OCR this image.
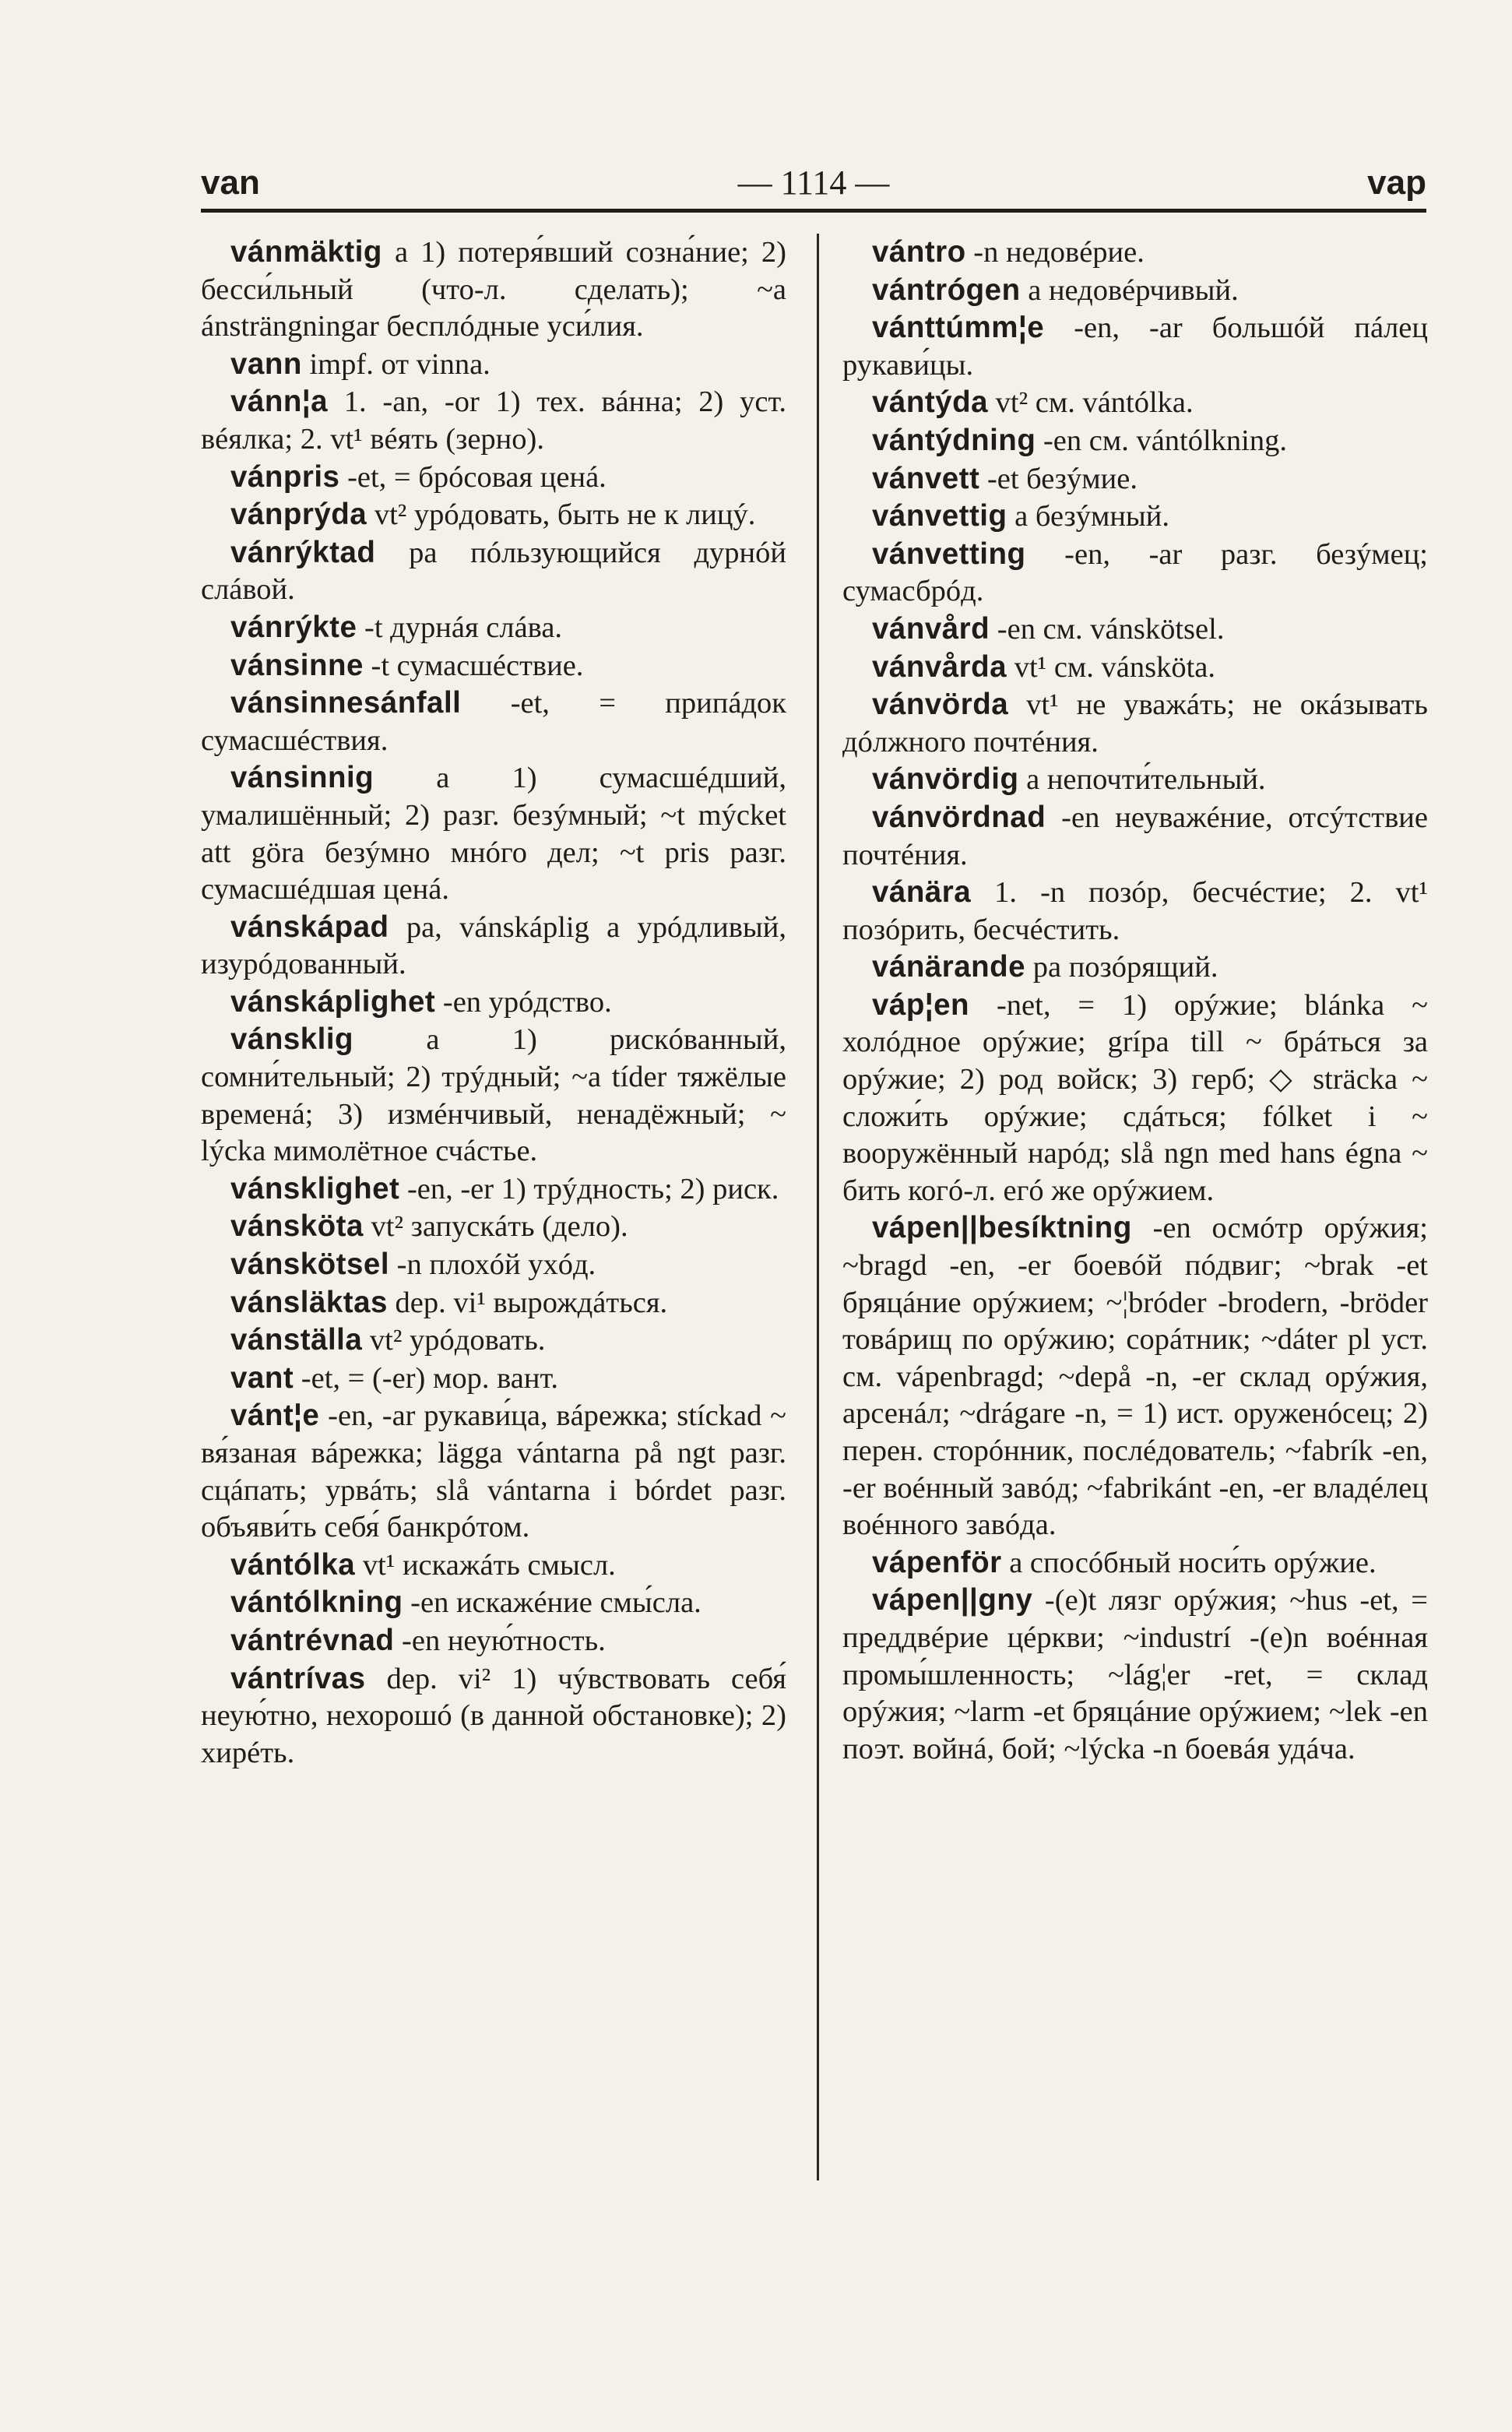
van	— 1114 —	vap

vánmäktig a 1) потеря́вший созна́ние; 2) бесси́льный (что-л. сделать); ~a ánsträngningar бесплóдные уси́лия.

vann impf. от vinna.

vánn¦a 1. -an, -or 1) тех. вáнна; 2) уст. вéялка; 2. vt¹ вéять (зерно).

vánpris -et, = брóсовая ценá.

vánprýda vt² урóдовать, быть не к лицý.

vánrýktad pa пóльзующийся дурнóй слáвой.

vánrýkte -t дурнáя слáва.

vánsinne -t сумасшéствие.

vánsinnesánfall -et, = припáдок сумасшéствия.

vánsinnig a 1) сумасшéдший, умалишённый; 2) разг. безýмный; ~t mýcket att göra безýмно мнóго дел; ~t pris разг. сумасшéдшая ценá.

vánskápad pa, vánskáplig a урóдливый, изурóдованный.

vánskáplighet -en урóдство.

vánsklig a 1) рискóванный, сомни́тельный; 2) трýдный; ~a tíder тяжёлые временá; 3) измéнчивый, ненадёжный; ~ lýcka мимолётное счáстье.

vánsklighet -en, -er 1) трýдность; 2) риск.

vánsköta vt² запускáть (дело).

vánskötsel -n плохóй ухóд.

vánsläktas dep. vi¹ вырождáться.

vánställa vt² урóдовать.

vant -et, = (-er) мор. вант.

vánt¦e -en, -ar рукави́ца, вáрежка; stíckad ~ вя́заная вáрежка; lägga vántarna på ngt разг. сцáпать; урвáть; slå vántarna i bórdet разг. объяви́ть себя́ банкрóтом.

vántólka vt¹ искажáть смысл.

vántólkning -en искажéние смы́сла.

vántrévnad -en неую́тность.

vántrívas dep. vi² 1) чýвствовать себя́ неую́тно, нехорошó (в данной обстановке); 2) хирéть.

vántro -n недовéрие.

vántrógen a недовéрчивый.

vánttúmm¦e -en, -ar большóй пáлец рукави́цы.

vántýda vt² см. vántólka.

vántýdning -en см. vántólkning.

vánvett -et безýмие.

vánvettig a безýмный.

vánvetting -en, -ar разг. безýмец; сумасбрóд.

vánvård -en см. vánskötsel.

vánvårda vt¹ см. vánsköta.

vánvörda vt¹ не уважáть; не окáзывать дóлжного почтéния.

vánvördig a непочти́тельный.

vánvördnad -en неуважéние, отсýтствие почтéния.

vánära 1. -n позóр, бесчéстие; 2. vt¹ позóрить, бесчéстить.

vánärande pa позóрящий.

váp¦en -net, = 1) орýжие; blánka ~ холóдное орýжие; grípa till ~ брáться за орýжие; 2) род войск; 3) герб; ◇ sträcka ~ сложи́ть орýжие; сдáться; fólket i ~ вооружённый нарóд; slå ngn med hans égna ~ бить когó-л. егó же орýжием.

vápen||besíktning -en осмóтр орýжия; ~bragd -en, -er боевóй пóдвиг; ~brak -et бряцáние орýжием; ~¦bróder -brodern, -bröder товáрищ по орýжию; сорáтник; ~dáter pl уст. см. vápenbragd; ~depå -n, -er склад орýжия, арсенáл; ~drágare -n, = 1) ист. оруженóсец; 2) перен. сторóнник, послéдователь; ~fabrík -en, -er воéнный завóд; ~fabrikánt -en, -er владéлец воéнного завóда.

vápenför a спосóбный носи́ть орýжие.

vápen||gny -(e)t лязг орýжия; ~hus -et, = преддвéрие цéркви; ~industrí -(e)n воéнная промы́шленность; ~lág¦er -ret, = склад орýжия; ~larm -et бряцáние орýжием; ~lek -en поэт. войнá, бой; ~lýcka -n боевáя удáча.
